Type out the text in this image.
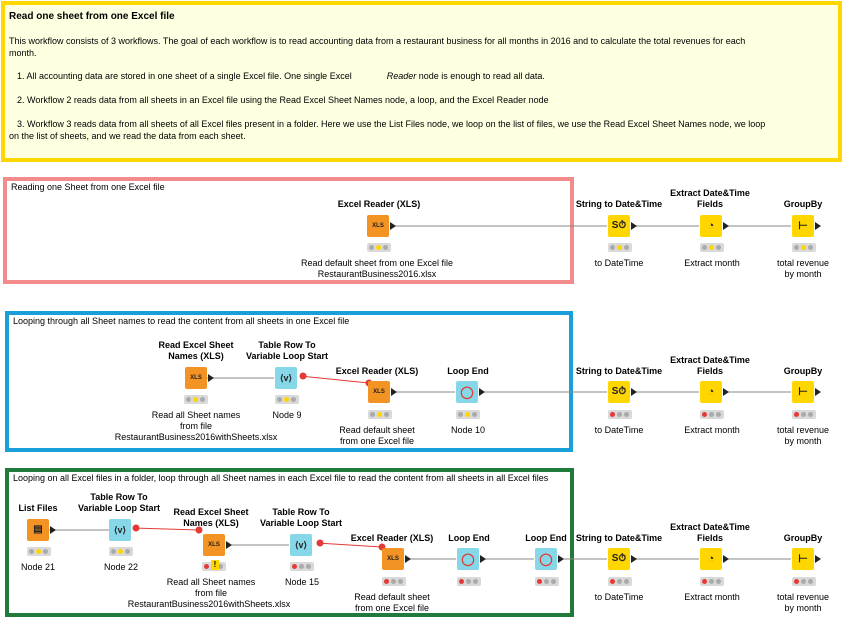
Read one sheet from one Excel file
This workflow consists of 3 workflows. The goal of each workflow is to read accounting data from a restaurant business for all months in 2016 and to calculate the total revenues for each
month.
1. All accounting data are stored in one sheet of a single Excel file. One single Excel	Reader node is enough to read all data.
2. Workflow 2 reads data from all sheets in an Excel file using the Read Excel Sheet Names node, a loop, and the Excel Reader node
3. Workflow 3 reads data from all sheets of all Excel files present in a folder. Here we use the List Files node, we loop on the list of files, we use the Read Excel Sheet Names node, we loop
on the list of sheets, and we read the data from each sheet.
Reading one Sheet from one Excel file
Looping through all Sheet names to read the content from all sheets in one Excel file
Looping on all Excel files in a folder, loop through all Sheet names in each Excel file to read the content from all sheets in all Excel files
Excel Reader (XLS)
XLS
Read default sheet from one Excel file
RestaurantBusiness2016.xlsx
String to Date&Time
S⏱
to DateTime
Extract Date&Time
Fields
◔
Extract month
GroupBy
⊢
total revenue
by month
Read Excel Sheet
Names (XLS)
XLS
Read all Sheet names
from file
RestaurantBusiness2016withSheets.xlsx
Table Row To
Variable Loop Start
⟨v⟩
Node 9
Excel Reader (XLS)
XLS
Read default sheet
from one Excel file
Loop End
◯
Node 10
String to Date&Time
S⏱
to DateTime
Extract Date&Time
Fields
◔
Extract month
GroupBy
⊢
total revenue
by month
List Files
▤
Node 21
Table Row To
Variable Loop Start
⟨v⟩
Node 22
Read Excel Sheet
Names (XLS)
XLS
!
Read all Sheet names
from file
RestaurantBusiness2016withSheets.xlsx
Table Row To
Variable Loop Start
⟨v⟩
Node 15
Excel Reader (XLS)
XLS
Read default sheet
from one Excel file
Loop End
◯
Loop End
◯
String to Date&Time
S⏱
to DateTime
Extract Date&Time
Fields
◔
Extract month
GroupBy
⊢
total revenue
by month
